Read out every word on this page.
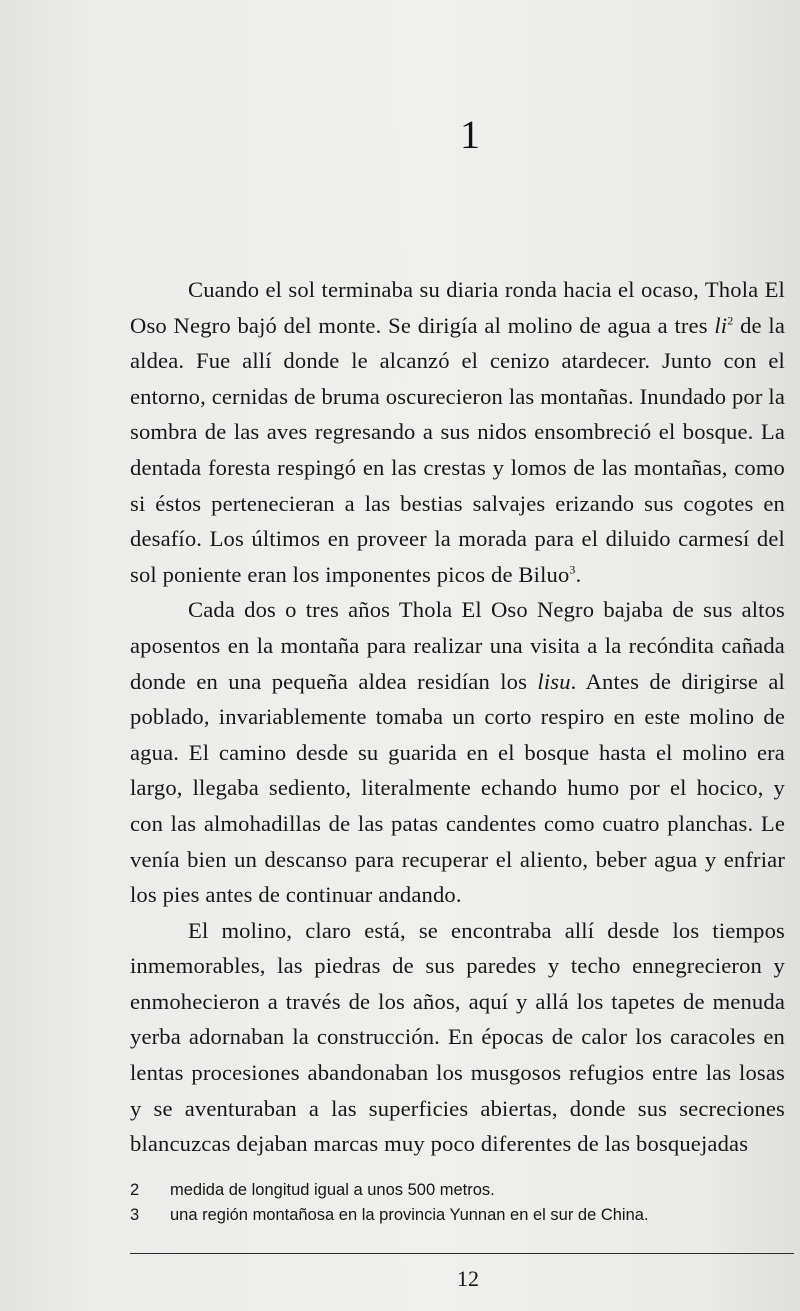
1

Cuando el sol terminaba su diaria ronda hacia el ocaso, Thola El Oso Negro bajó del monte. Se dirigía al molino de agua a tres $li^2$ de la aldea. Fue allí donde le alcanzó el cenizo atardecer. Junto con el entorno, cernidas de bruma oscurecieron las montañas. Inundado por la sombra de las aves regresando a sus nidos ensombreció el bosque. La dentada foresta respingó en las crestas y lomos de las montañas, como si éstos pertenecieran a las bestias salvajes erizando sus cogotes en desafío. Los últimos en proveer la morada para el diluido carmesí del sol poniente eran los imponentes picos de Biluo$^3$.

Cada dos o tres años Thola El Oso Negro bajaba de sus altos aposentos en la montaña para realizar una visita a la recóndita cañada donde en una pequeña aldea residían los lisu. Antes de dirigirse al poblado, invariablemente tomaba un corto respiro en este molino de agua. El camino desde su guarida en el bosque hasta el molino era largo, llegaba sediento, literalmente echando humo por el hocico, y con las almohadillas de las patas candentes como cuatro planchas. Le venía bien un descanso para recuperar el aliento, beber agua y enfriar los pies antes de continuar andando.

El molino, claro está, se encontraba allí desde los tiempos inmemorables, las piedras de sus paredes y techo ennegrecieron y enmohecieron a través de los años, aquí y allá los tapetes de menuda yerba adornaban la construcción. En épocas de calor los caracoles en lentas procesiones abandonaban los musgosos refugios entre las losas y se aventuraban a las superficies abiertas, donde sus secreciones blancuzcas dejaban marcas muy poco diferentes de las bosquejadas

2	medida de longitud igual a unos 500 metros.
3	una región montañosa en la provincia Yunnan en el sur de China.
12
